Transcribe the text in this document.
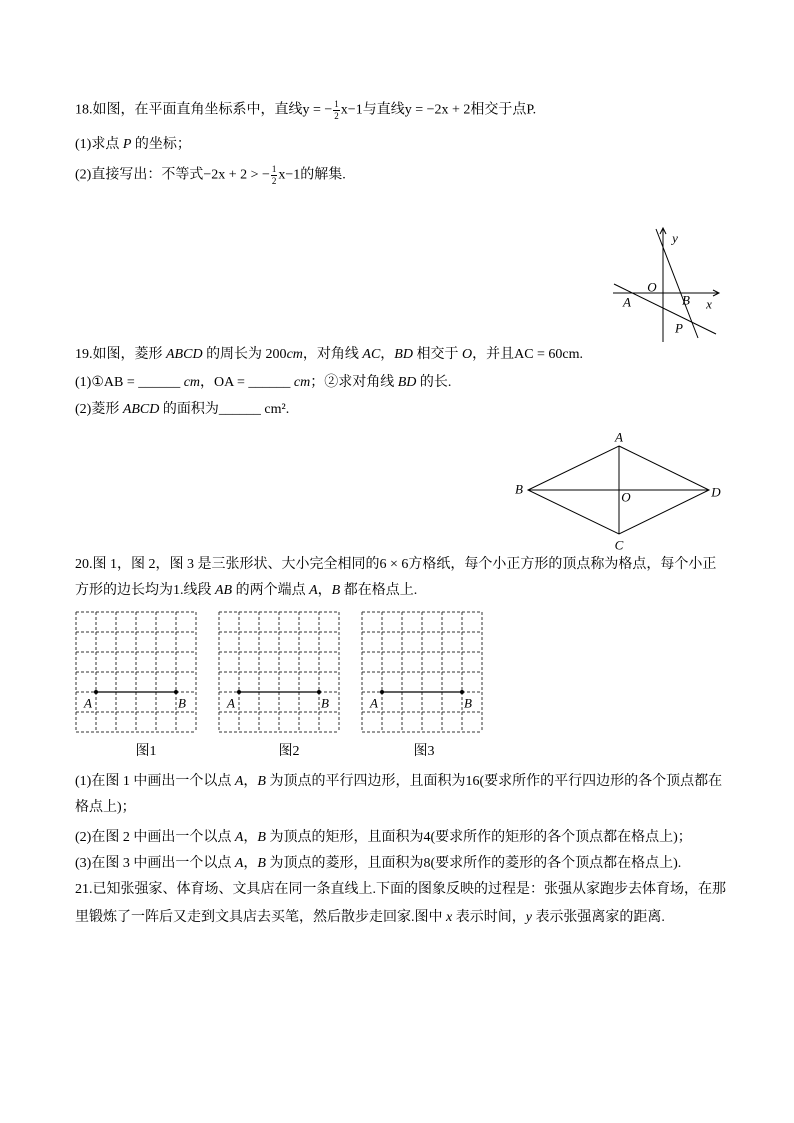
18.如图，在平面直角坐标系中，直线y = − $\frac{1}{2} x-1$与直线y = −2x + 2相交于点P.
(1)求点 P 的坐标；
(2)直接写出：不等式−2x + 2 > − $\frac{1}{2} x-1$的解集.
y
O
A	B x
P
19.如图，菱形 ABCD 的周长为 200cm，对角线 AC，BD 相交于 O，并且AC = 60cm.
(1)①AB = ______ cm，OA = ______ cm；②求对角线 BD 的长.
(2)菱形 ABCD 的面积为______ cm².
A
B	D
C
O
20.图 1，图 2，图 3 是三张形状、大小完全相同的6 × 6方格纸，每个小正方形的顶点称为格点，每个小正
方形的边长均为1.线段 AB 的两个端点 A，B 都在格点上.
A	B	A	B	A	B
图1	图2	图3
(1)在图 1 中画出一个以点 A，B 为顶点的平行四边形，且面积为16(要求所作的平行四边形的各个顶点都在
格点上)；
(2)在图 2 中画出一个以点 A，B 为顶点的矩形，且面积为4(要求所作的矩形的各个顶点都在格点上)；
(3)在图 3 中画出一个以点 A，B 为顶点的菱形，且面积为8(要求所作的菱形的各个顶点都在格点上).
21.已知张强家、体育场、文具店在同一条直线上.下面的图象反映的过程是：张强从家跑步去体育场，在那
里锻炼了一阵后又走到文具店去买笔，然后散步走回家.图中 x 表示时间，y 表示张强离家的距离.
